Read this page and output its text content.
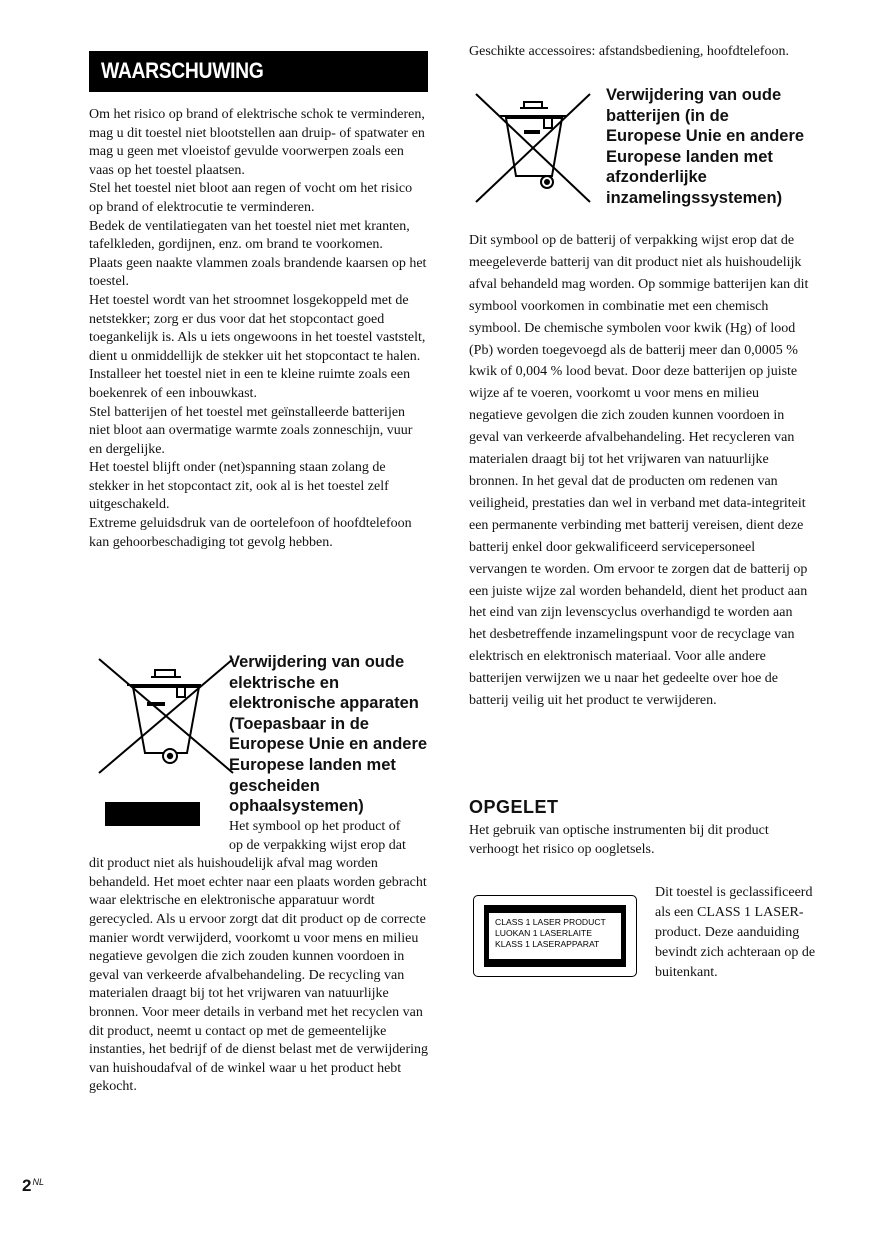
WAARSCHUWING

Om het risico op brand of elektrische schok te verminderen, mag u dit toestel niet blootstellen aan druip- of spatwater en mag u geen met vloeistof gevulde voorwerpen zoals een vaas op het toestel plaatsen.

Stel het toestel niet bloot aan regen of vocht om het risico op brand of elektrocutie te verminderen.

Bedek de ventilatiegaten van het toestel niet met kranten, tafelkleden, gordijnen, enz. om brand te voorkomen.

Plaats geen naakte vlammen zoals brandende kaarsen op het toestel.

Het toestel wordt van het stroomnet losgekoppeld met de netstekker; zorg er dus voor dat het stopcontact goed toegankelijk is. Als u iets ongewoons in het toestel vaststelt, dient u onmiddellijk de stekker uit het stopcontact te halen.

Installeer het toestel niet in een te kleine ruimte zoals een boekenrek of een inbouwkast.

Stel batterijen of het toestel met geïnstalleerde batterijen niet bloot aan overmatige warmte zoals zonneschijn, vuur en dergelijke.

Het toestel blijft onder (net)spanning staan zolang de stekker in het stopcontact zit, ook al is het toestel zelf uitgeschakeld.

Extreme geluidsdruk van de oortelefoon of hoofdtelefoon kan gehoorbeschadiging tot gevolg hebben.

Verwijdering van oude elektrische en elektronische apparaten (Toepasbaar in de Europese Unie en andere Europese landen met gescheiden ophaalsystemen)
Het symbool op het product of
op de verpakking wijst erop dat

dit product niet als huishoudelijk afval mag worden behandeld. Het moet echter naar een plaats worden gebracht waar elektrische en elektronische apparatuur wordt gerecycled. Als u ervoor zorgt dat dit product op de correcte manier wordt verwijderd, voorkomt u voor mens en milieu negatieve gevolgen die zich zouden kunnen voordoen in geval van verkeerde afvalbehandeling. De recycling van materialen draagt bij tot het vrijwaren van natuurlijke bronnen. Voor meer details in verband met het recyclen van dit product, neemt u contact op met de gemeentelijke instanties, het bedrijf of de dienst belast met de verwijdering van huishoudafval of de winkel waar u het product hebt gekocht.

Geschikte accessoires: afstandsbediening, hoofdtelefoon.
Verwijdering van oude batterijen (in de Europese Unie en andere Europese landen met afzonderlijke inzamelingssystemen)
Dit symbool op de batterij of verpakking wijst erop dat de meegeleverde batterij van dit product niet als huishoudelijk afval behandeld mag worden. Op sommige batterijen kan dit symbool voorkomen in combinatie met een chemisch symbool. De chemische symbolen voor kwik (Hg) of lood (Pb) worden toegevoegd als de batterij meer dan 0,0005 % kwik of 0,004 % lood bevat. Door deze batterijen op juiste wijze af te voeren, voorkomt u voor mens en milieu negatieve gevolgen die zich zouden kunnen voordoen in geval van verkeerde afvalbehandeling. Het recycleren van materialen draagt bij tot het vrijwaren van natuurlijke bronnen. In het geval dat de producten om redenen van veiligheid, prestaties dan wel in verband met data-integriteit een permanente verbinding met batterij vereisen, dient deze batterij enkel door gekwalificeerd servicepersoneel vervangen te worden. Om ervoor te zorgen dat de batterij op een juiste wijze zal worden behandeld, dient het product aan het eind van zijn levenscyclus overhandigd te worden aan het desbetreffende inzamelingspunt voor de recyclage van elektrisch en elektronisch materiaal. Voor alle andere batterijen verwijzen we u naar het gedeelte over hoe de batterij veilig uit het product te verwijderen.
OPGELET
Het gebruik van optische instrumenten bij dit product verhoogt het risico op oogletsels.
CLASS 1 LASER PRODUCT
LUOKAN 1 LASERLAITE
KLASS 1 LASERAPPARAT
Dit toestel is geclassificeerd als een CLASS 1 LASER-product. Deze aanduiding bevindt zich achteraan op de buitenkant.
$2^{NL}$
